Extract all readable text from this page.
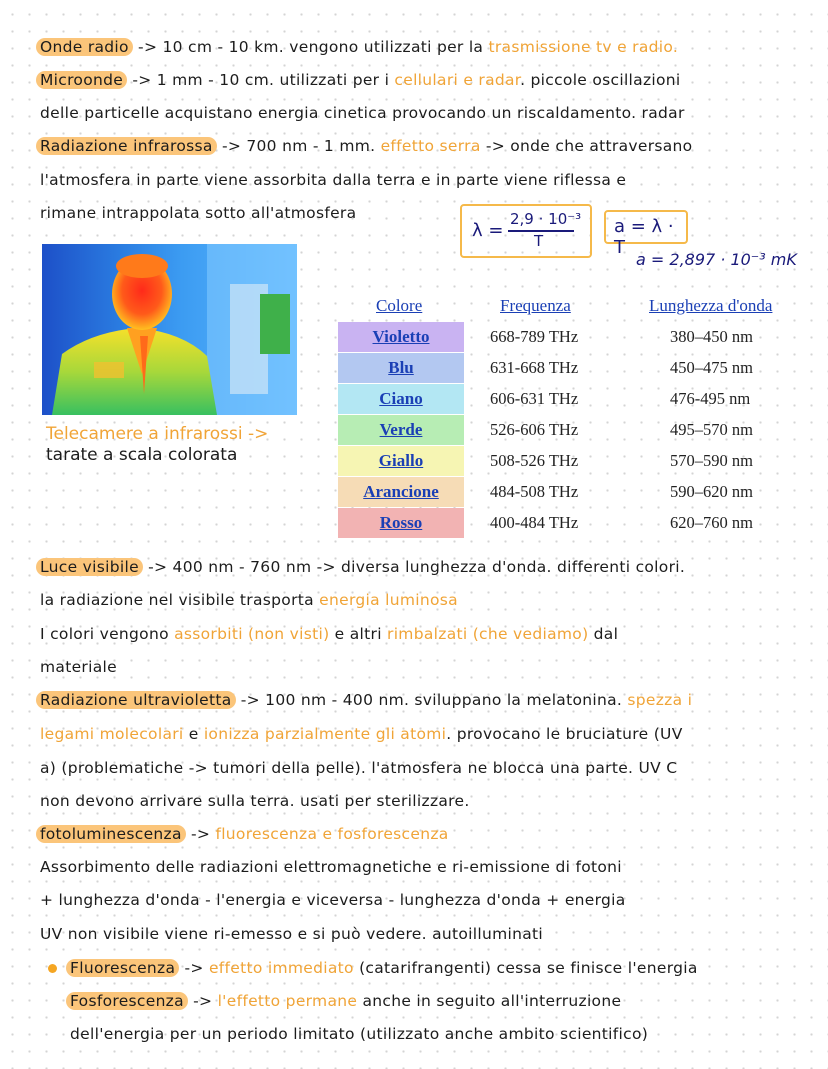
Onde radio -> 10 cm - 10 km. vengono utilizzati per la trasmissione tv e radio.
Microonde -> 1 mm - 10 cm. utilizzati per i cellulari e radar. piccole oscillazioni
delle particelle acquistano energia cinetica provocando un riscaldamento. radar
Radiazione infrarossa -> 700 nm - 1 mm. effetto serra -> onde che attraversano
l'atmosfera in parte viene assorbita dalla terra e in parte viene riflessa e
rimane intrappolata sotto all'atmosfera
λ =
2,9 · 10⁻³
T
a = λ · T
a = 2,897 · 10⁻³ mK
Telecamere a infrarossi ->
tarate a scala colorata
Colore	Frequenza	Lunghezza d'onda
Violetto	668-789 THz	380–450 nm
Blu	631-668 THz	450–475 nm
Ciano	606-631 THz	476-495 nm
Verde	526-606 THz	495–570 nm
Giallo	508-526 THz	570–590 nm
Arancione	484-508 THz	590–620 nm
Rosso	400-484 THz	620–760 nm
Luce visibile -> 400 nm - 760 nm -> diversa lunghezza d'onda. differenti colori.
la radiazione nel visibile trasporta energia luminosa
I colori vengono assorbiti (non visti) e altri rimbalzati (che vediamo) dal
materiale
Radiazione ultravioletta -> 100 nm - 400 nm. sviluppano la melatonina. spezza i
legami molecolari e ionizza parzialmente gli atomi. provocano le bruciature (UV
a) (problematiche -> tumori della pelle). l'atmosfera ne blocca una parte. UV C
non devono arrivare sulla terra. usati per sterilizzare.
fotoluminescenza -> fluorescenza e fosforescenza
Assorbimento delle radiazioni elettromagnetiche e ri-emissione di fotoni
+ lunghezza d'onda - l'energia e viceversa - lunghezza d'onda + energia
UV non visibile viene ri-emesso e si può vedere. autoilluminati
Fluorescenza -> effetto immediato (catarifrangenti) cessa se finisce l'energia
Fosforescenza -> l'effetto permane anche in seguito all'interruzione
dell'energia per un periodo limitato (utilizzato anche ambito scientifico)
